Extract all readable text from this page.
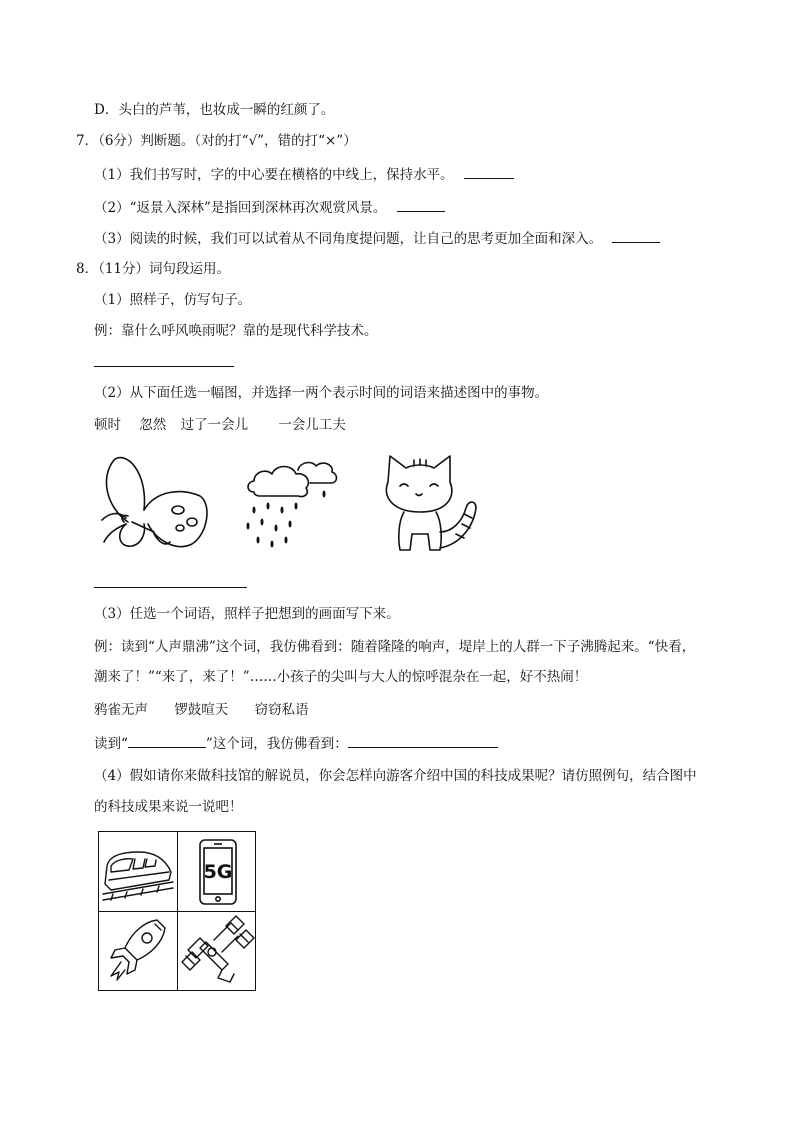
D．头白的芦苇，也妆成一瞬的红颜了。
7．（6分）判断题。（对的打“√”，错的打“×”）
（1）我们书写时，字的中心要在横格的中线上，保持水平。
（2）“返景入深林”是指回到深林再次观赏风景。
（3）阅读的时候，我们可以试着从不同角度提问题，让自己的思考更加全面和深入。
8．（11分）词句段运用。
（1）照样子，仿写句子。
例：靠什么呼风唤雨呢？靠的是现代科学技术。
（2）从下面任选一幅图，并选择一两个表示时间的词语来描述图中的事物。
顿时 忽然 过了一会儿 一会儿工夫
（3）任选一个词语，照样子把想到的画面写下来。
例：读到“人声鼎沸”这个词，我仿佛看到：随着隆隆的响声，堤岸上的人群一下子沸腾起来。“快看，
潮来了！”“来了，来了！”……小孩子的尖叫与大人的惊呼混杂在一起，好不热闹！
鸦雀无声 锣鼓喧天 窃窃私语
读到“	”这个词，我仿佛看到：
（4）假如请你来做科技馆的解说员，你会怎样向游客介绍中国的科技成果呢？请仿照例句，结合图中
的科技成果来说一说吧！
5G
